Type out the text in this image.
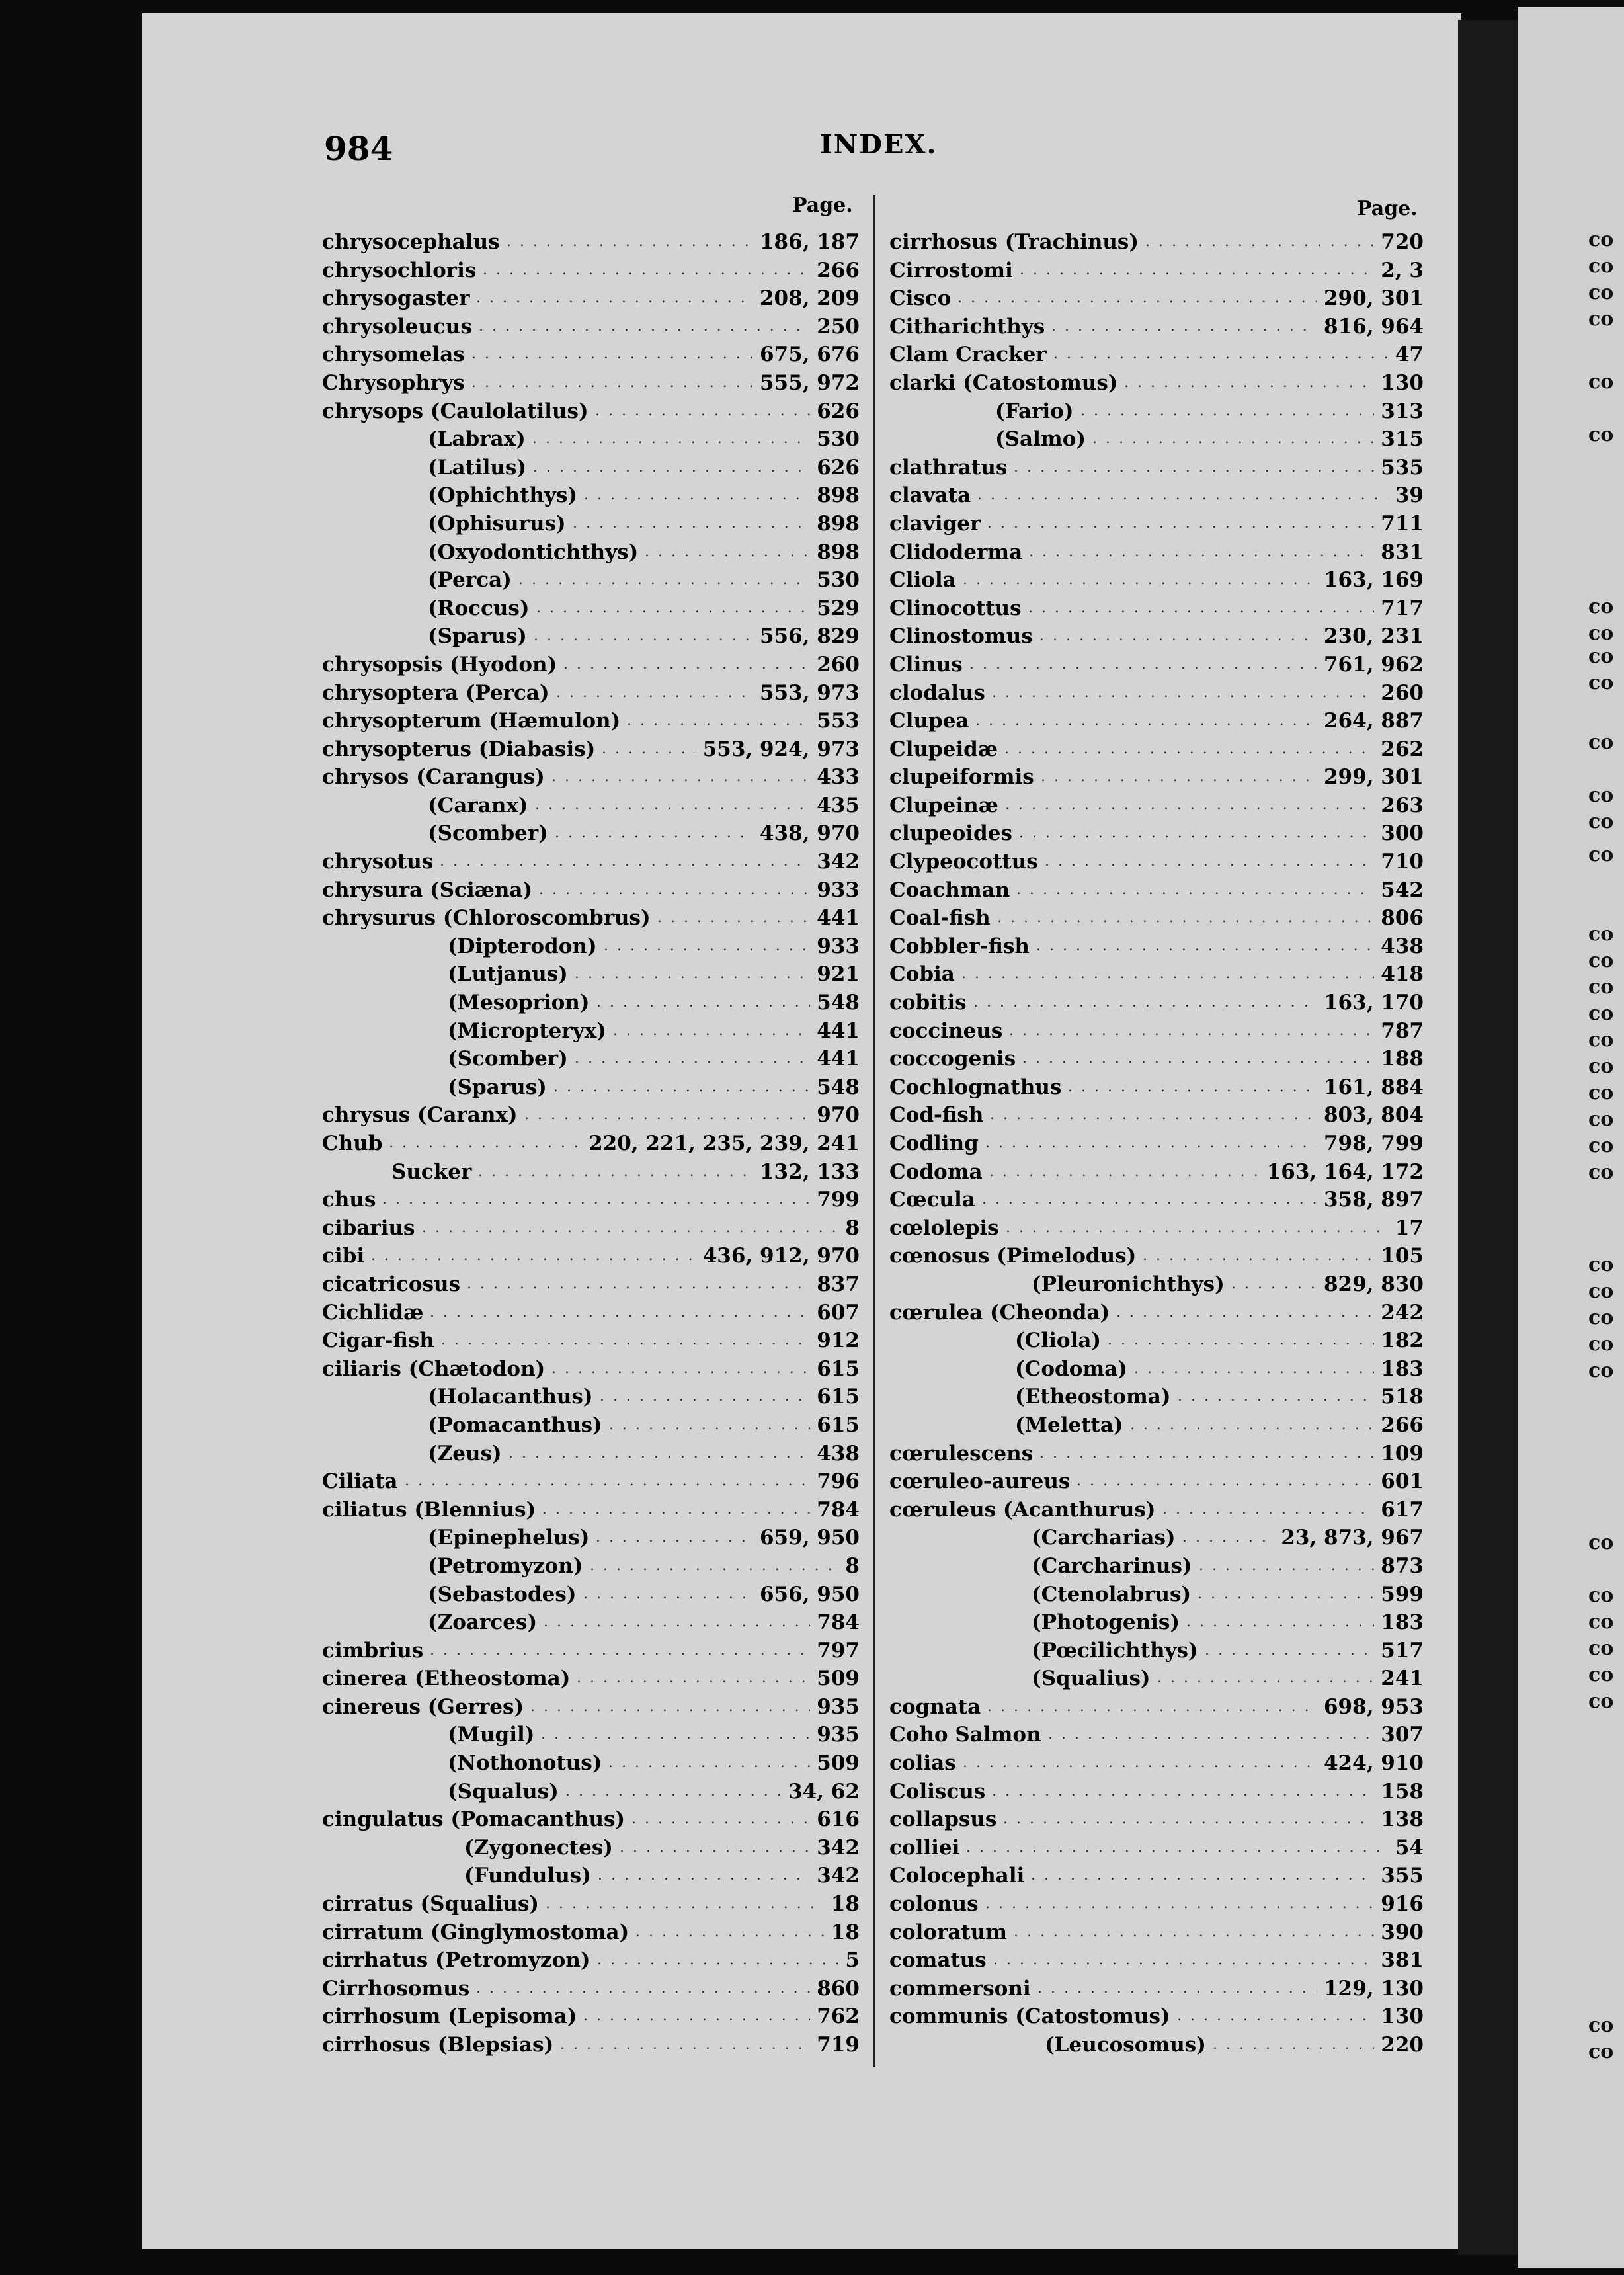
984	INDEX.
Page.	Page.
chrysocephalus . . .	186, 187
chrysochloris . . .	266
chrysogaster . . .	208, 209
chrysoleucus . . .	250
chrysomelas . . .	675, 676
Chrysophrys . . .	555, 972
chrysops (Caulolatilus) . . .	626
(Labrax) . . .	530
(Latilus) . . .	626
(Ophichthys) . . .	898
(Ophisurus) . . .	898
(Oxyodontichthys) . . .	898
(Perca) . . .	530
(Roccus) . . .	529
(Sparus) . . .	556, 829
chrysopsis (Hyodon) . . .	260
chrysoptera (Perca) . . .	553, 973
chrysopterum (Hæmulon) . . .	553
chrysopterus (Diabasis) . . .	553, 924, 973
chrysos (Carangus) . . .	433
(Caranx) . . .	435
(Scomber) . . .	438, 970
chrysotus . . .	342
chrysura (Sciæna) . . .	933
chrysurus (Chloroscombrus) . . .	441
(Dipterodon) . . .	933
(Lutjanus) . . .	921
(Mesoprion) . . .	548
(Micropteryx) . . .	441
(Scomber) . . .	441
(Sparus) . . .	548
chrysus (Caranx) . . .	970
Chub . . .	220, 221, 235, 239, 241
Sucker . . .	132, 133
chus . . .	799
cibarius . . .	8
cibi . . .	436, 912, 970
cicatricosus . . .	837
Cichlidæ . . .	607
Cigar-fish . . .	912
ciliaris (Chætodon) . . .	615
(Holacanthus) . . .	615
(Pomacanthus) . . .	615
(Zeus) . . .	438
Ciliata . . .	796
ciliatus (Blennius) . . .	784
(Epinephelus) . . .	659, 950
(Petromyzon) . . .	8
(Sebastodes) . . .	656, 950
(Zoarces) . . .	784
cimbrius . . .	797
cinerea (Etheostoma) . . .	509
cinereus (Gerres) . . .	935
(Mugil) . . .	935
(Nothonotus) . . .	509
(Squalus) . . .	34, 62
cingulatus (Pomacanthus) . . .	616
(Zygonectes) . . .	342
(Fundulus) . . .	342
cirratus (Squalius) . . .	18
cirratum (Ginglymostoma) . . .	18
cirrhatus (Petromyzon) . . .	5
Cirrhosomus . . .	860
cirrhosum (Lepisoma) . . .	762
cirrhosus (Blepsias) . . .	719
cirrhosus (Trachinus) . . .	720
Cirrostomi . . .	2, 3
Cisco . . .	290, 301
Citharichthys . . .	816, 964
Clam Cracker . . .	47
clarki (Catostomus) . . .	130
(Fario) . . .	313
(Salmo) . . .	315
clathratus . . .	535
clavata . . .	39
claviger . . .	711
Clidoderma . . .	831
Cliola . . .	163, 169
Clinocottus . . .	717
Clinostomus . . .	230, 231
Clinus . . .	761, 962
clodalus . . .	260
Clupea . . .	264, 887
Clupeidæ . . .	262
clupeiformis . . .	299, 301
Clupeinæ . . .	263
clupeoides . . .	300
Clypeocottus . . .	710
Coachman . . .	542
Coal-fish . . .	806
Cobbler-fish . . .	438
Cobia . . .	418
cobitis . . .	163, 170
coccineus . . .	787
coccogenis . . .	188
Cochlognathus . . .	161, 884
Cod-fish . . .	803, 804
Codling . . .	798, 799
Codoma . . .	163, 164, 172
Cœcula . . .	358, 897
cœlolepis . . .	17
cœnosus (Pimelodus) . . .	105
(Pleuronichthys) . . .	829, 830
cœrulea (Cheonda) . . .	242
(Cliola) . . .	182
(Codoma) . . .	183
(Etheostoma) . . .	518
(Meletta) . . .	266
cœrulescens . . .	109
cœruleo-aureus . . .	601
cœruleus (Acanthurus) . . .	617
(Carcharias) . . .	23, 873, 967
(Carcharinus) . . .	873
(Ctenolabrus) . . .	599
(Photogenis) . . .	183
(Pœcilichthys) . . .	517
(Squalius) . . .	241
cognata . . .	698, 953
Coho Salmon . . .	307
colias . . .	424, 910
Coliscus . . .	158
collapsus . . .	138
colliei . . .	54
Colocephali . . .	355
colonus . . .	916
coloratum . . .	390
comatus . . .	381
commersoni . . .	129, 130
communis (Catostomus) . . .	130
(Leucosomus) . . .	220
co
co
co
co
co
co
co
co
co
co
co
co
co
co
co
co
co
co
co
co
co
co
co
co
co
co
co
co
co
co
co
co
co
co
co
co
co
